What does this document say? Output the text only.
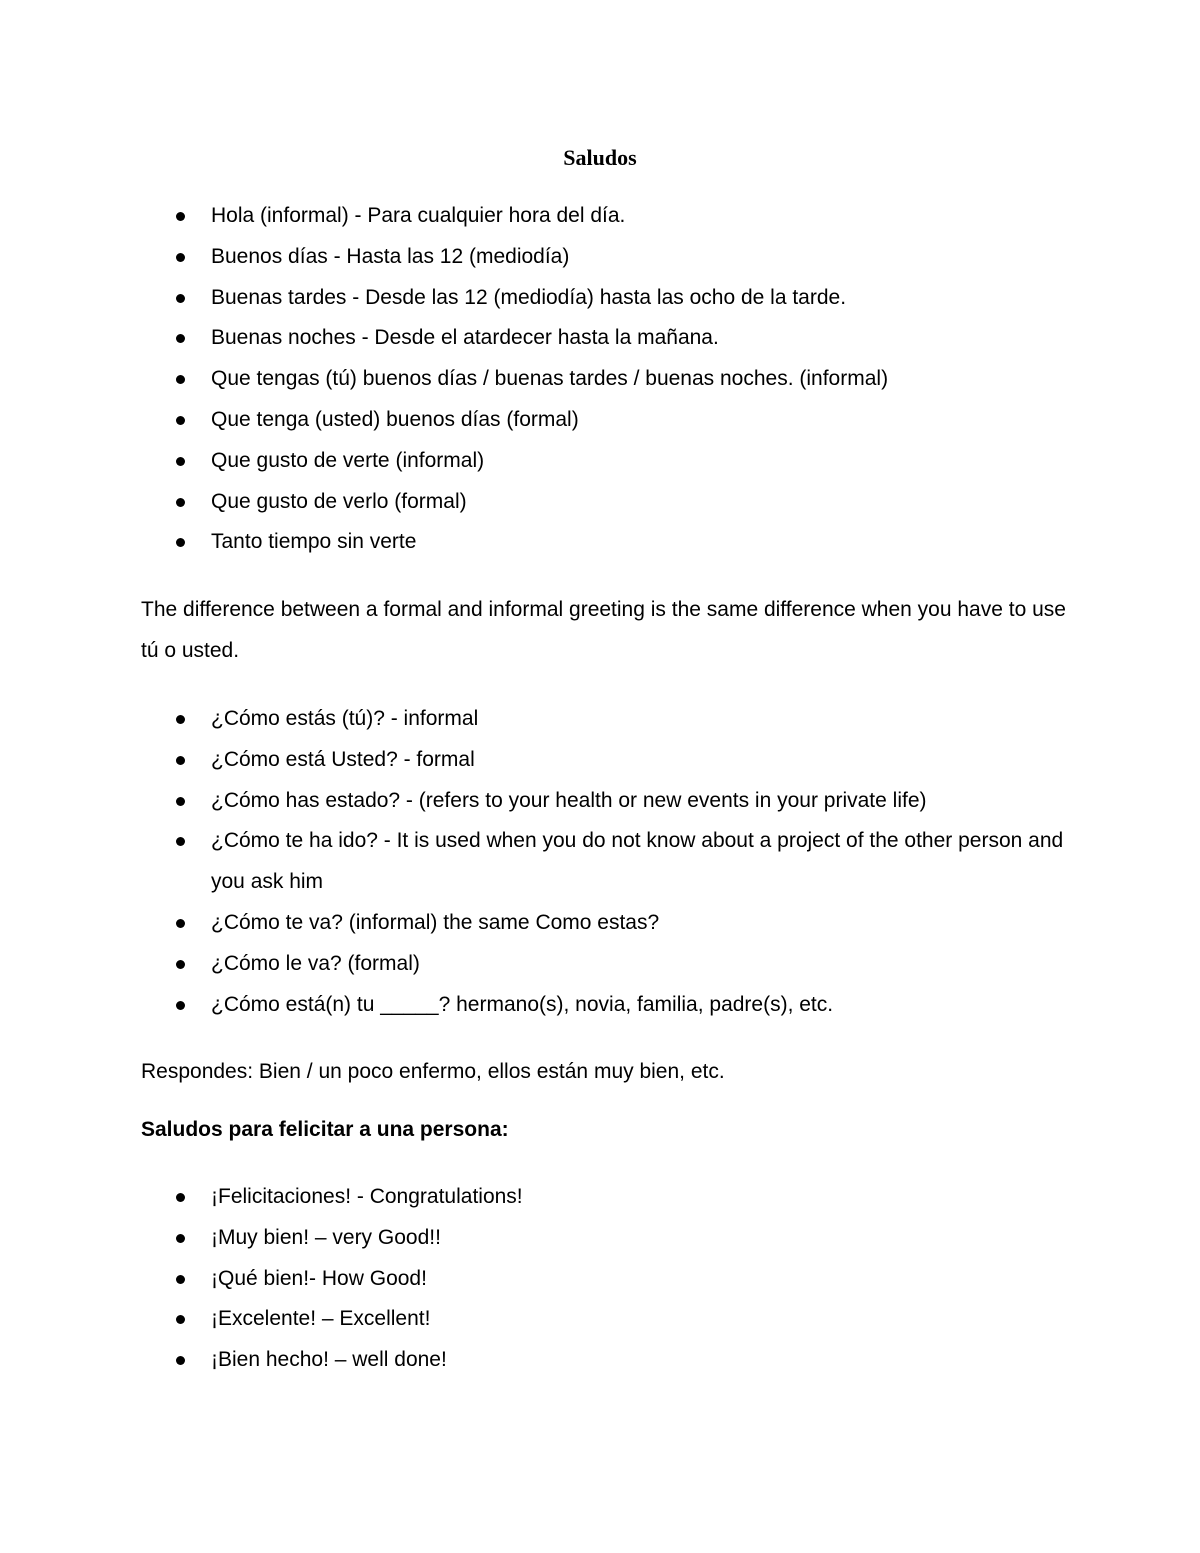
Saludos
Hola (informal) - Para cualquier hora del día.
Buenos días - Hasta las 12 (mediodía)
Buenas tardes - Desde las 12 (mediodía) hasta las ocho de la tarde.
Buenas noches - Desde el atardecer hasta la mañana.
Que tengas (tú) buenos días / buenas tardes / buenas noches. (informal)
Que tenga (usted) buenos días (formal)
Que gusto de verte (informal)
Que gusto de verlo (formal)
Tanto tiempo sin verte

The difference between a formal and informal greeting is the same difference when you have to use tú o usted.

¿Cómo estás (tú)? - informal
¿Cómo está Usted? - formal
¿Cómo has estado? - (refers to your health or new events in your private life)
¿Cómo te ha ido? - It is used when you do not know about a project of the other person and you ask him
¿Cómo te va? (informal) the same Como estas?
¿Cómo le va? (formal)
¿Cómo está(n) tu _____? hermano(s), novia, familia, padre(s), etc.

Respondes: Bien / un poco enfermo, ellos están muy bien, etc.

Saludos para felicitar a una persona:

¡Felicitaciones! - Congratulations!
¡Muy bien! – very Good!!
¡Qué bien!- How Good!
¡Excelente! – Excellent!
¡Bien hecho! – well done!
